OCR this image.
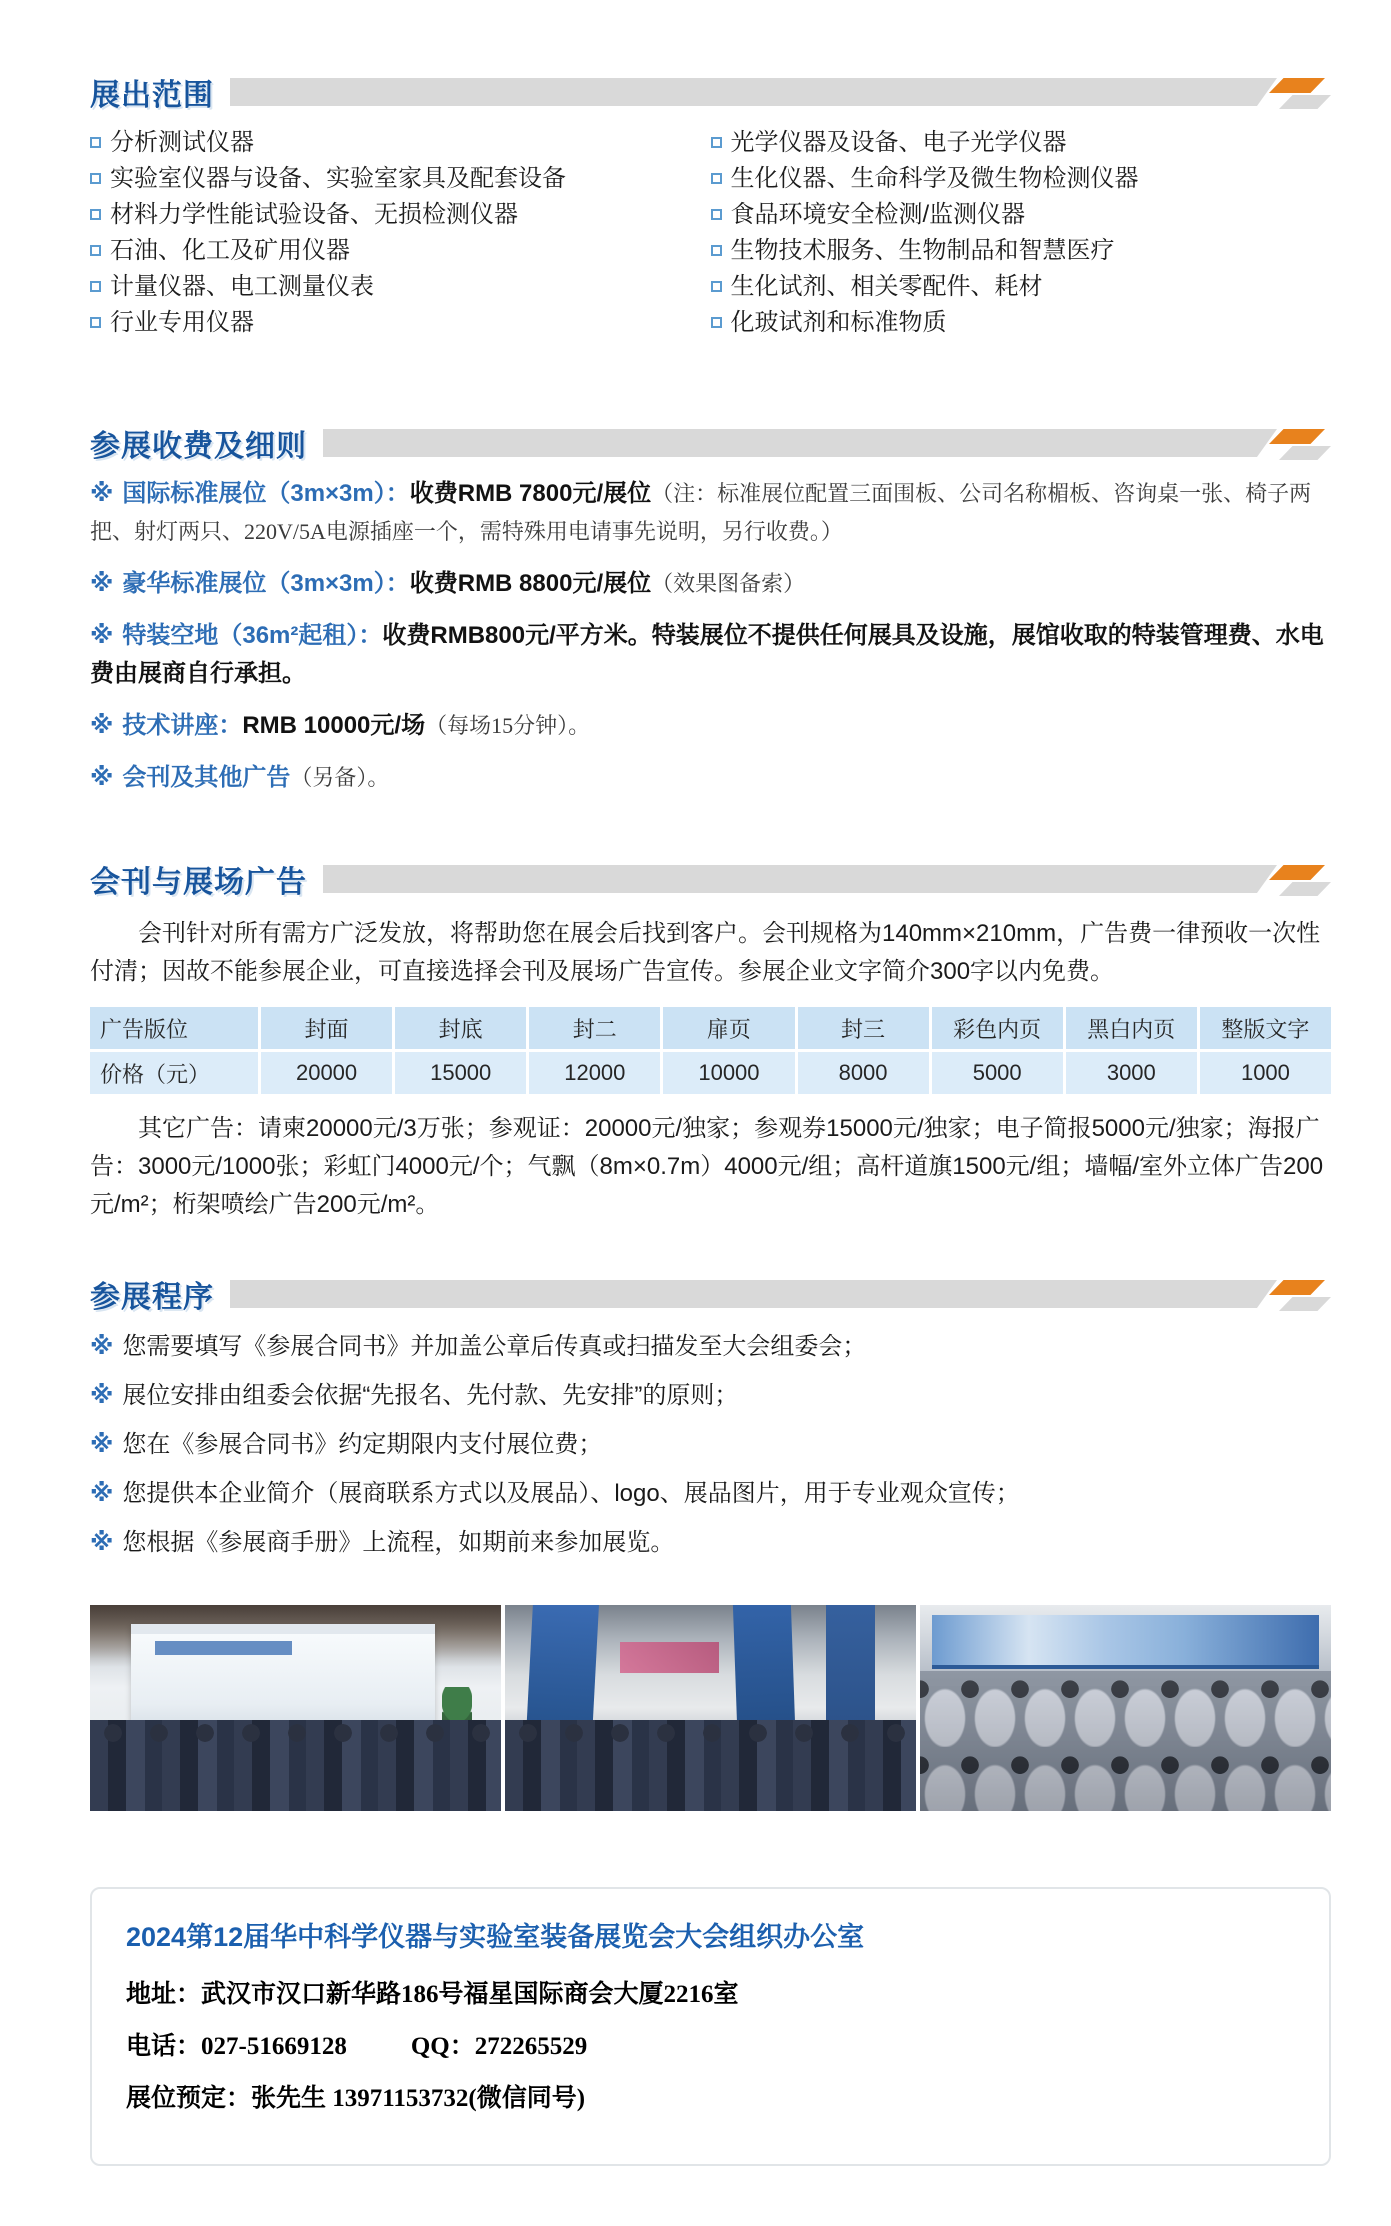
展出范围
分析测试仪器	光学仪器及设备、电子光学仪器
实验室仪器与设备、实验室家具及配套设备	生化仪器、生命科学及微生物检测仪器
材料力学性能试验设备、无损检测仪器	食品环境安全检测/监测仪器
石油、化工及矿用仪器	生物技术服务、生物制品和智慧医疗
计量仪器、电工测量仪表	生化试剂、相关零配件、耗材
行业专用仪器	化玻试剂和标准物质
参展收费及细则

※ 国际标准展位（3m×3m）：收费RMB 7800元/展位（注：标准展位配置三面围板、公司名称楣板、咨询桌一张、椅子两把、射灯两只、220V/5A电源插座一个，需特殊用电请事先说明，另行收费。）

※ 豪华标准展位（3m×3m）：收费RMB 8800元/展位（效果图备索）

※ 特装空地（36m²起租）：收费RMB800元/平方米。特装展位不提供任何展具及设施，展馆收取的特装管理费、水电费由展商自行承担。

※ 技术讲座：RMB 10000元/场（每场15分钟）。

※ 会刊及其他广告（另备）。

会刊与展场广告

会刊针对所有需方广泛发放，将帮助您在展会后找到客户。会刊规格为140mm×210mm，广告费一律预收一次性付清；因故不能参展企业，可直接选择会刊及展场广告宣传。参展企业文字简介300字以内免费。

广告版位	封面	封底	封二	扉页	封三	彩色内页	黑白内页	整版文字
价格（元）	20000	15000	12000	10000	8000	5000	3000	1000

其它广告：请柬20000元/3万张；参观证：20000元/独家；参观券15000元/独家；电子简报5000元/独家；海报广告：3000元/1000张；彩虹门4000元/个；气飘（8m×0.7m）4000元/组；高杆道旗1500元/组；墙幅/室外立体广告200元/m²；桁架喷绘广告200元/m²。

参展程序

※ 您需要填写《参展合同书》并加盖公章后传真或扫描发至大会组委会；

※ 展位安排由组委会依据“先报名、先付款、先安排”的原则；

※ 您在《参展合同书》约定期限内支付展位费；

※ 您提供本企业简介（展商联系方式以及展品）、logo、展品图片，用于专业观众宣传；

※ 您根据《参展商手册》上流程，如期前来参加展览。

2024第12届华中科学仪器与实验室装备展览会大会组织办公室

地址：武汉市汉口新华路186号福星国际商会大厦2216室

电话：027-51669128	QQ：272265529

展位预定：张先生 13971153732(微信同号)
